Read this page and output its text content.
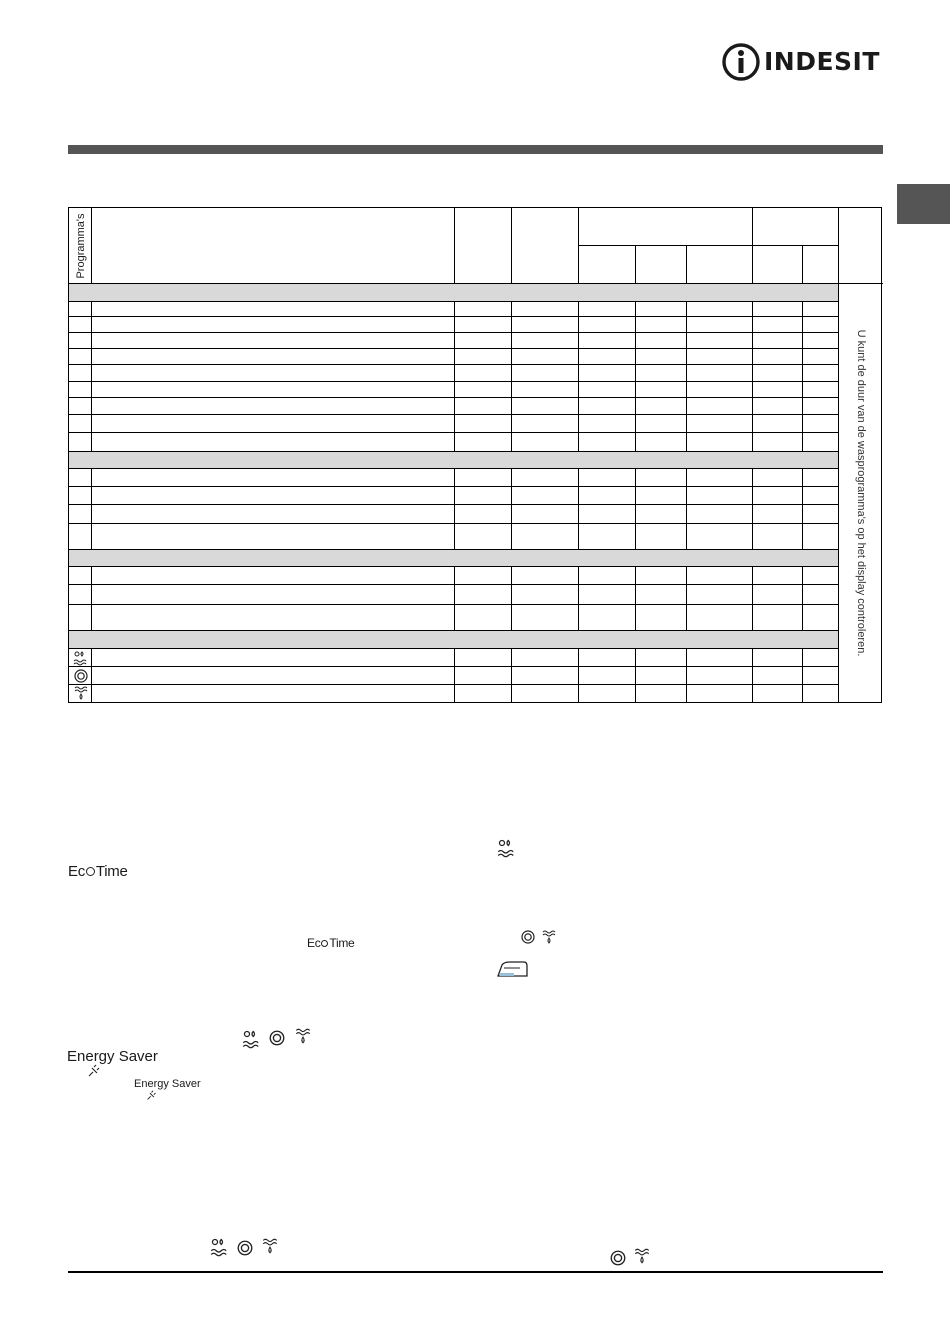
INDESIT
Programma's
U kunt de duur van de wasprogramma's op het display controleren.
Ec Time
Ec Time
Energy Saver
Energy Saver
